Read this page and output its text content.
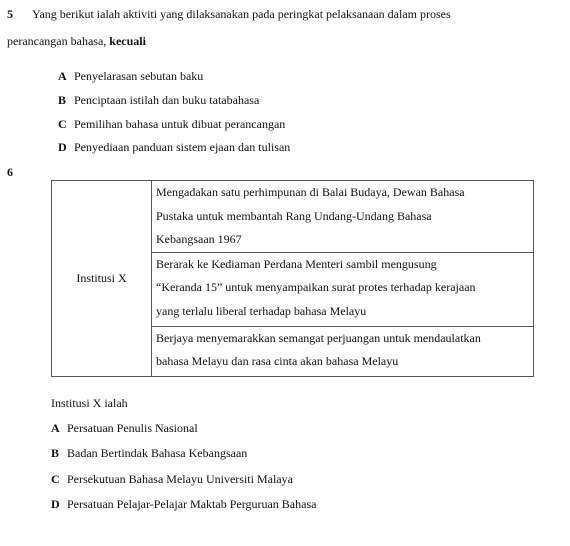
5 Yang berikut ialah aktiviti yang dilaksanakan pada peringkat pelaksanaan dalam proses
perancangan bahasa, kecuali
A Penyelarasan sebutan baku
B Penciptaan istilah dan buku tatabahasa
C Pemilihan bahasa untuk dibuat perancangan
D Penyediaan panduan sistem ejaan dan tulisan
6
Institusi X	
Mengadakan satu perhimpunan di Balai Budaya, Dewan Bahasa
Pustaka untuk membantah Rang Undang-Undang Bahasa
Kebangsaan 1967

Berarak ke Kediaman Perdana Menteri sambil mengusung
“Keranda 15” untuk menyampaikan surat protes terhadap kerajaan
yang terlalu liberal terhadap bahasa Melayu

Berjaya menyemarakkan semangat perjuangan untuk mendaulatkan
bahasa Melayu dan rasa cinta akan bahasa Melayu
Institusi X ialah
A Persatuan Penulis Nasional
B Badan Bertindak Bahasa Kebangsaan
C Persekutuan Bahasa Melayu Universiti Malaya
D Persatuan Pelajar-Pelajar Maktab Perguruan Bahasa
